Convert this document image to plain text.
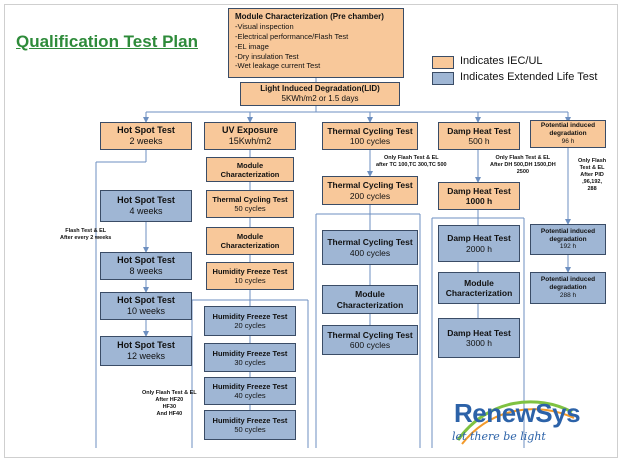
Qualification Test Plan
Module Characterization (Pre chamber)
-Visual inspection
-Electrical performance/Flash Test
-EL image
-Dry insulation Test
-Wet leakage current Test	Indicates IEC/UL
Indicates Extended Life Test
Light Induced Degradation(LID)
5KWh/m2 or 1.5 days
Hot Spot Test
2 weeks
Hot Spot Test
4 weeks
Hot Spot Test
8 weeks
Hot Spot Test
10 weeks
Hot Spot Test
12 weeks
Flash Test & EL
After every 2 weeks
Only Flash Test & EL
After HF20
HF30
And HF40
UV Exposure
15Kwh/m2
Module
Characterization
Thermal Cycling Test
50 cycles
Module
Characterization
Humidity Freeze Test
10 cycles
Humidity Freeze Test
20 cycles
Humidity Freeze Test
30 cycles
Humidity Freeze Test
40 cycles
Humidity Freeze Test
50 cycles
Thermal Cycling Test
100 cycles
Only Flash Test & EL
after TC 100,TC 300,TC 500
Thermal Cycling Test
200 cycles
Thermal Cycling Test
400 cycles
Module
Characterization
Thermal Cycling Test
600 cycles
Damp Heat Test
500 h
Only Flash Test & EL
After DH 500,DH 1500,DH
2500
Damp Heat Test
1000 h
Damp Heat Test
2000 h
Module
Characterization
Damp Heat Test
3000 h
Potential induced
degradation
96 h
Only Flash
Test & EL
After PID
,96,192,
288
Potential induced
degradation
192 h
Potential induced
degradation
288 h
RenewSys
let there be light
